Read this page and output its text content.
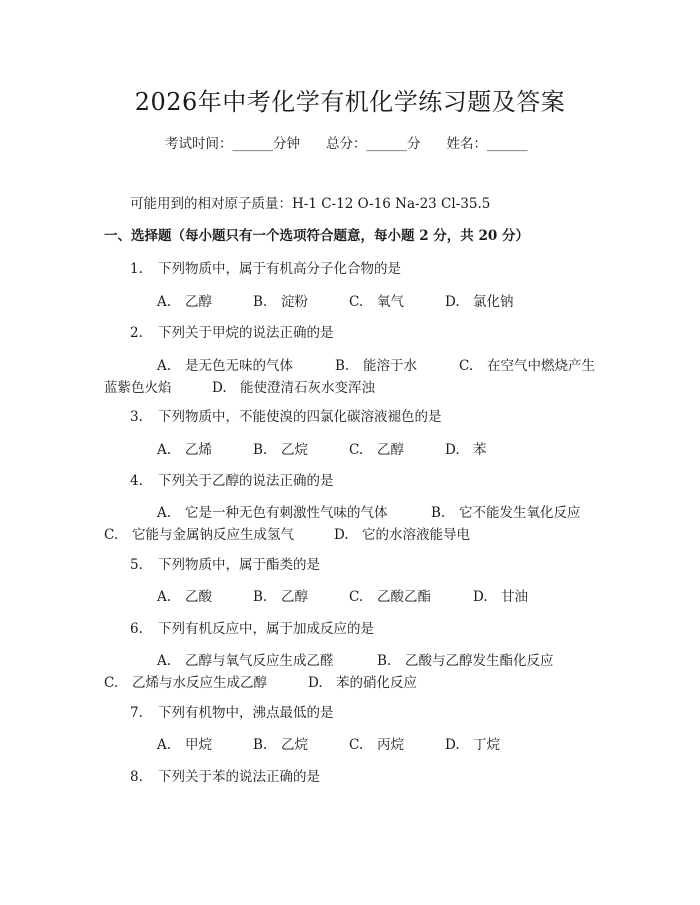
2026年中考化学有机化学练习题及答案
考试时间：______分钟 总分：______分 姓名：______
可能用到的相对原子质量：H-1 C-12 O-16 Na-23 Cl-35.5
一、选择题（每小题只有一个选项符合题意，每小题 2 分，共 20 分）
1. 下列物质中，属于有机高分子化合物的是
A. 乙醇	B. 淀粉	C. 氧气	D. 氯化钠
2. 下列关于甲烷的说法正确的是
A. 是无色无味的气体	B. 能溶于水	C. 在空气中燃烧产生
蓝紫色火焰	D. 能使澄清石灰水变浑浊
3. 下列物质中，不能使溴的四氯化碳溶液褪色的是
A. 乙烯	B. 乙烷	C. 乙醇	D. 苯
4. 下列关于乙醇的说法正确的是
A. 它是一种无色有刺激性气味的气体	B. 它不能发生氧化反应
C. 它能与金属钠反应生成氢气	D. 它的水溶液能导电
5. 下列物质中，属于酯类的是
A. 乙酸	B. 乙醇	C. 乙酸乙酯	D. 甘油
6. 下列有机反应中，属于加成反应的是
A. 乙醇与氧气反应生成乙醛	B. 乙酸与乙醇发生酯化反应
C. 乙烯与水反应生成乙醇	D. 苯的硝化反应
7. 下列有机物中，沸点最低的是
A. 甲烷	B. 乙烷	C. 丙烷	D. 丁烷
8. 下列关于苯的说法正确的是
